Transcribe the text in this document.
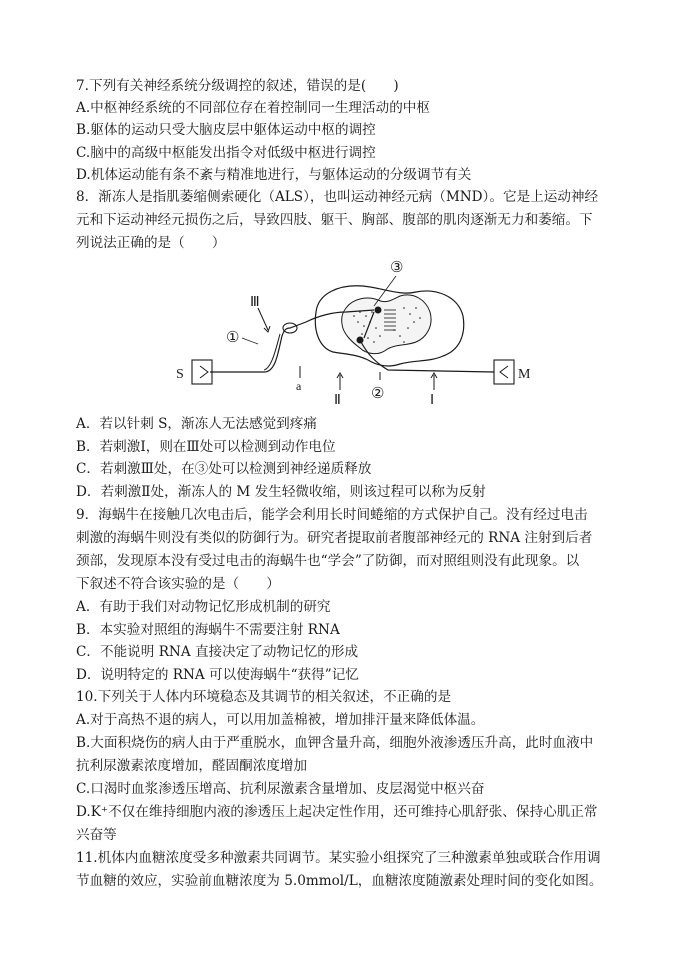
7.下列有关神经系统分级调控的叙述，错误的是(　　)
A.中枢神经系统的不同部位存在着控制同一生理活动的中枢
B.躯体的运动只受大脑皮层中躯体运动中枢的调控
C.脑中的高级中枢能发出指令对低级中枢进行调控
D.机体运动能有条不紊与精准地进行，与躯体运动的分级调节有关
8．渐冻人是指肌萎缩侧索硬化（ALS），也叫运动神经元病（MND）。它是上运动神经
元和下运动神经元损伤之后，导致四肢、躯干、胸部、腹部的肌肉逐渐无力和萎缩。下
列说法正确的是（　　）
S	M
a
Ⅱ	Ⅰ
Ⅲ
①
②
③
A．若以针刺 S，渐冻人无法感觉到疼痛
B．若刺激Ⅰ，则在Ⅲ处可以检测到动作电位
C．若刺激Ⅲ处，在③处可以检测到神经递质释放
D．若刺激Ⅱ处，渐冻人的 M 发生轻微收缩，则该过程可以称为反射
9．海蜗牛在接触几次电击后，能学会利用长时间蜷缩的方式保护自己。没有经过电击
刺激的海蜗牛则没有类似的防御行为。研究者提取前者腹部神经元的 RNA 注射到后者
颈部，发现原本没有受过电击的海蜗牛也“学会”了防御，而对照组则没有此现象。以
下叙述不符合该实验的是（　　）
A．有助于我们对动物记忆形成机制的研究
B．本实验对照组的海蜗牛不需要注射 RNA
C．不能说明 RNA 直接决定了动物记忆的形成
D．说明特定的 RNA 可以使海蜗牛“获得”记忆
10.下列关于人体内环境稳态及其调节的相关叙述，不正确的是
A.对于高热不退的病人，可以用加盖棉被，增加排汗量来降低体温。
B.大面积烧伤的病人由于严重脱水，血钾含量升高，细胞外液渗透压升高，此时血液中
抗利尿激素浓度增加，醛固酮浓度增加
C.口渴时血浆渗透压增高、抗利尿激素含量增加、皮层渴觉中枢兴奋
D.K⁺不仅在维持细胞内液的渗透压上起决定性作用，还可维持心肌舒张、保持心肌正常
兴奋等
11.机体内血糖浓度受多种激素共同调节。某实验小组探究了三种激素单独或联合作用调
节血糖的效应，实验前血糖浓度为 5.0mmol/L，血糖浓度随激素处理时间的变化如图。
